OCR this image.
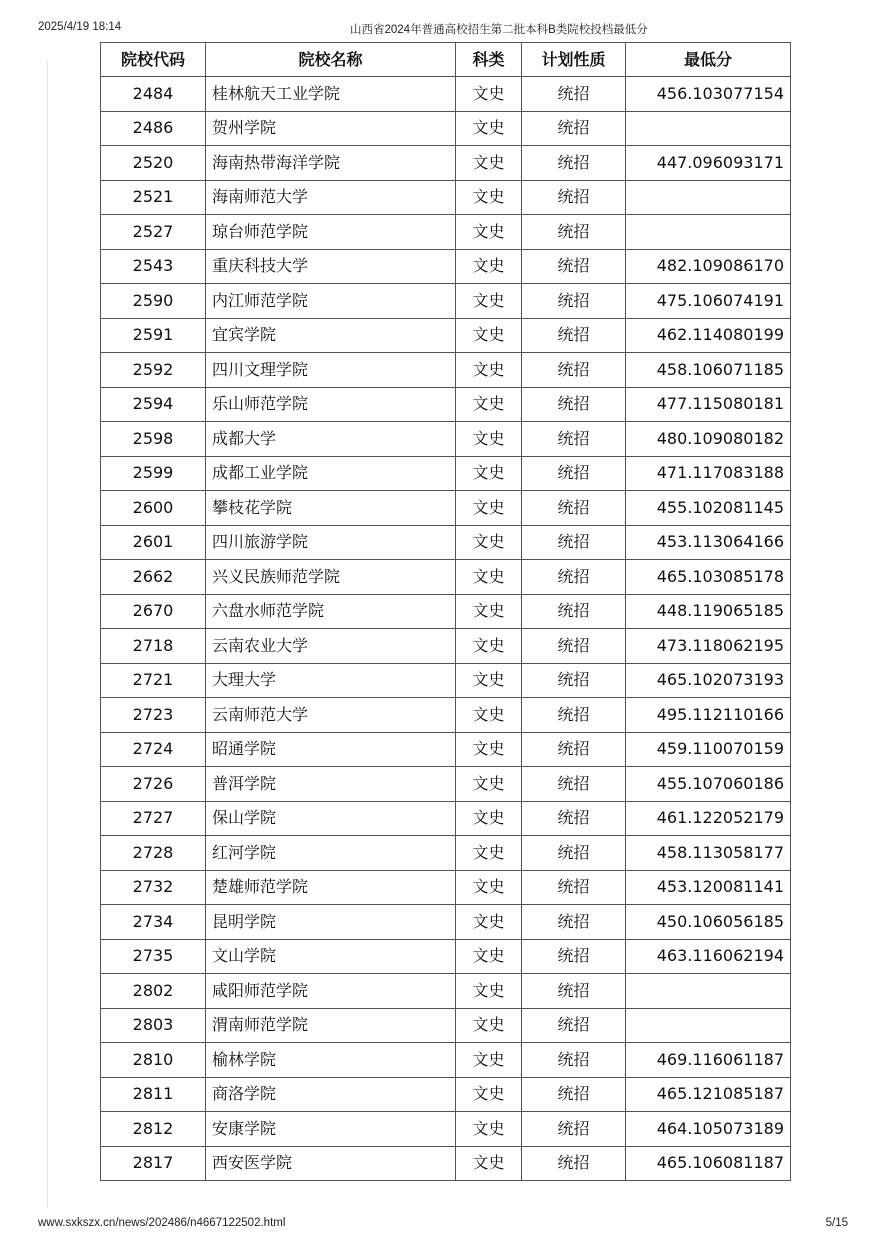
2025/4/19 18:14	山西省2024年普通高校招生第二批本科B类院校投档最低分
院校代码	院校名称	科类	计划性质	最低分
2484	桂林航天工业学院	文史	统招	456.103077154
2486	贺州学院	文史	统招	
2520	海南热带海洋学院	文史	统招	447.096093171
2521	海南师范大学	文史	统招	
2527	琼台师范学院	文史	统招	
2543	重庆科技大学	文史	统招	482.109086170
2590	内江师范学院	文史	统招	475.106074191
2591	宜宾学院	文史	统招	462.114080199
2592	四川文理学院	文史	统招	458.106071185
2594	乐山师范学院	文史	统招	477.115080181
2598	成都大学	文史	统招	480.109080182
2599	成都工业学院	文史	统招	471.117083188
2600	攀枝花学院	文史	统招	455.102081145
2601	四川旅游学院	文史	统招	453.113064166
2662	兴义民族师范学院	文史	统招	465.103085178
2670	六盘水师范学院	文史	统招	448.119065185
2718	云南农业大学	文史	统招	473.118062195
2721	大理大学	文史	统招	465.102073193
2723	云南师范大学	文史	统招	495.112110166
2724	昭通学院	文史	统招	459.110070159
2726	普洱学院	文史	统招	455.107060186
2727	保山学院	文史	统招	461.122052179
2728	红河学院	文史	统招	458.113058177
2732	楚雄师范学院	文史	统招	453.120081141
2734	昆明学院	文史	统招	450.106056185
2735	文山学院	文史	统招	463.116062194
2802	咸阳师范学院	文史	统招	
2803	渭南师范学院	文史	统招	
2810	榆林学院	文史	统招	469.116061187
2811	商洛学院	文史	统招	465.121085187
2812	安康学院	文史	统招	464.105073189
2817	西安医学院	文史	统招	465.106081187
www.sxkszx.cn/news/202486/n4667122502.html	5/15
